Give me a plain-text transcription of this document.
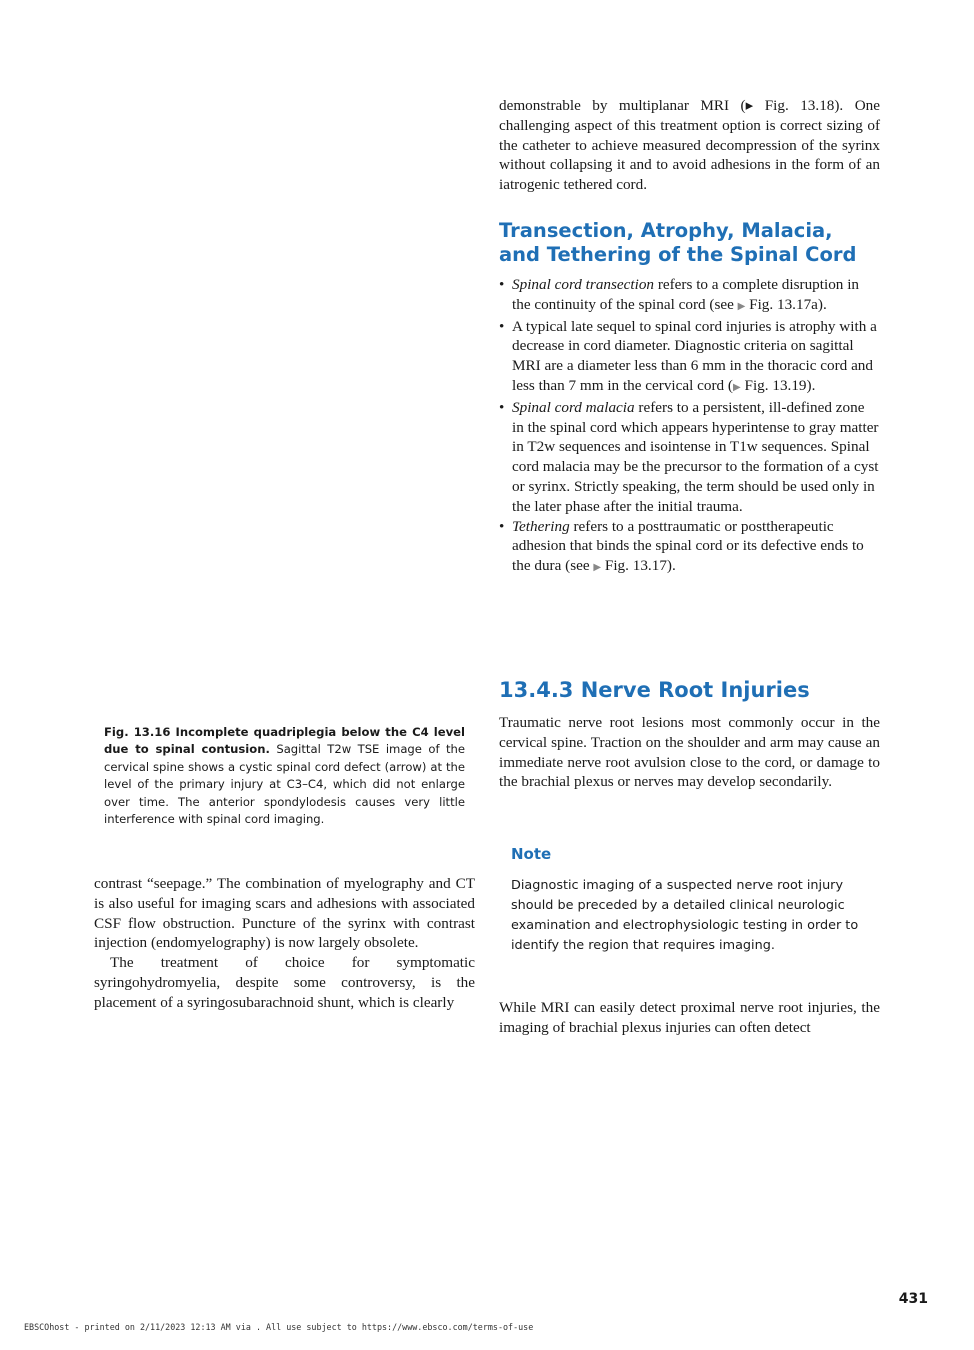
demonstrable by multiplanar MRI (▸ Fig. 13.18). One challenging aspect of this treatment option is correct sizing of the catheter to achieve measured decompression of the syrinx without collapsing it and to avoid adhesions in the form of an iatrogenic tethered cord.
Transection, Atrophy, Malacia, and Tethering of the Spinal Cord
• Spinal cord transection refers to a complete disruption in the continuity of the spinal cord (see ▶ Fig. 13.17a).
• A typical late sequel to spinal cord injuries is atrophy with a decrease in cord diameter. Diagnostic criteria on sagittal MRI are a diameter less than 6 mm in the thoracic cord and less than 7 mm in the cervical cord (▶ Fig. 13.19).
• Spinal cord malacia refers to a persistent, ill-defined zone in the spinal cord which appears hyperintense to gray matter in T2w sequences and isointense in T1w sequences. Spinal cord malacia may be the precursor to the formation of a cyst or syrinx. Strictly speaking, the term should be used only in the later phase after the initial trauma.
• Tethering refers to a posttraumatic or posttherapeutic adhesion that binds the spinal cord or its defective ends to the dura (see ▶ Fig. 13.17).
13.4.3 Nerve Root Injuries
Traumatic nerve root lesions most commonly occur in the cervical spine. Traction on the shoulder and arm may cause an immediate nerve root avulsion close to the cord, or damage to the brachial plexus or nerves may develop secondarily.
Note
Diagnostic imaging of a suspected nerve root injury should be preceded by a detailed clinical neurologic examination and electrophysiologic testing in order to identify the region that requires imaging.
While MRI can easily detect proximal nerve root injuries, the imaging of brachial plexus injuries can often detect
Fig. 13.16 Incomplete quadriplegia below the C4 level due to spinal contusion. Sagittal T2w TSE image of the cervical spine shows a cystic spinal cord defect (arrow) at the level of the primary injury at C3–C4, which did not enlarge over time. The anterior spondylodesis causes very little interference with spinal cord imaging.
contrast “seepage.” The combination of myelography and CT is also useful for imaging scars and adhesions with associated CSF flow obstruction. Puncture of the syrinx with contrast injection (endomyelography) is now largely obsolete.
The treatment of choice for symptomatic syringohydromyelia, despite some controversy, is the placement of a syringosubarachnoid shunt, which is clearly
431
EBSCOhost - printed on 2/11/2023 12:13 AM via . All use subject to https://www.ebsco.com/terms-of-use
